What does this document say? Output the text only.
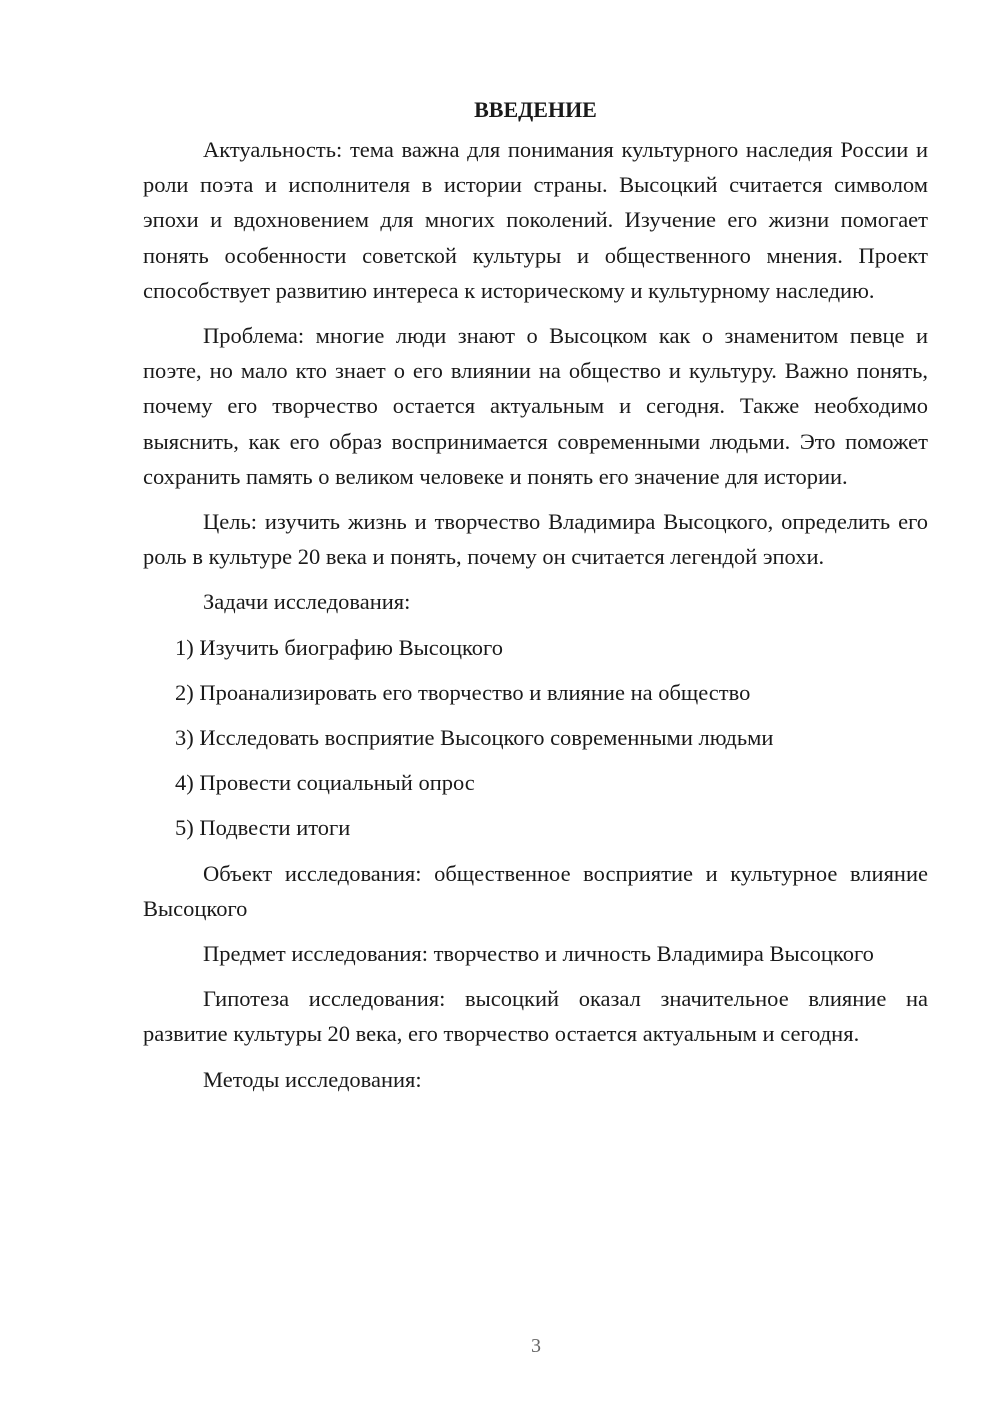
ВВЕДЕНИЕ

Актуальность: тема важна для понимания культурного наследия России и роли поэта и исполнителя в истории страны. Высоцкий считается символом эпохи и вдохновением для многих поколений. Изучение его жизни помогает понять особенности советской культуры и общественного мнения. Проект способствует развитию интереса к историческому и культурному наследию.

Проблема: многие люди знают о Высоцком как о знаменитом певце и поэте, но мало кто знает о его влиянии на общество и культуру. Важно понять, почему его творчество остается актуальным и сегодня. Также необходимо выяснить, как его образ воспринимается современными людьми. Это поможет сохранить память о великом человеке и понять его значение для истории.

Цель: изучить жизнь и творчество Владимира Высоцкого, определить его роль в культуре 20 века и понять, почему он считается легендой эпохи.

Задачи исследования:

1) Изучить биографию Высоцкого
2) Проанализировать его творчество и влияние на общество
3) Исследовать восприятие Высоцкого современными людьми
4) Провести социальный опрос
5) Подвести итоги

Объект исследования: общественное восприятие и культурное влияние Высоцкого

Предмет исследования: творчество и личность Владимира Высоцкого

Гипотеза исследования: высоцкий оказал значительное влияние на развитие культуры 20 века, его творчество остается актуальным и сегодня.

Методы исследования:

3
